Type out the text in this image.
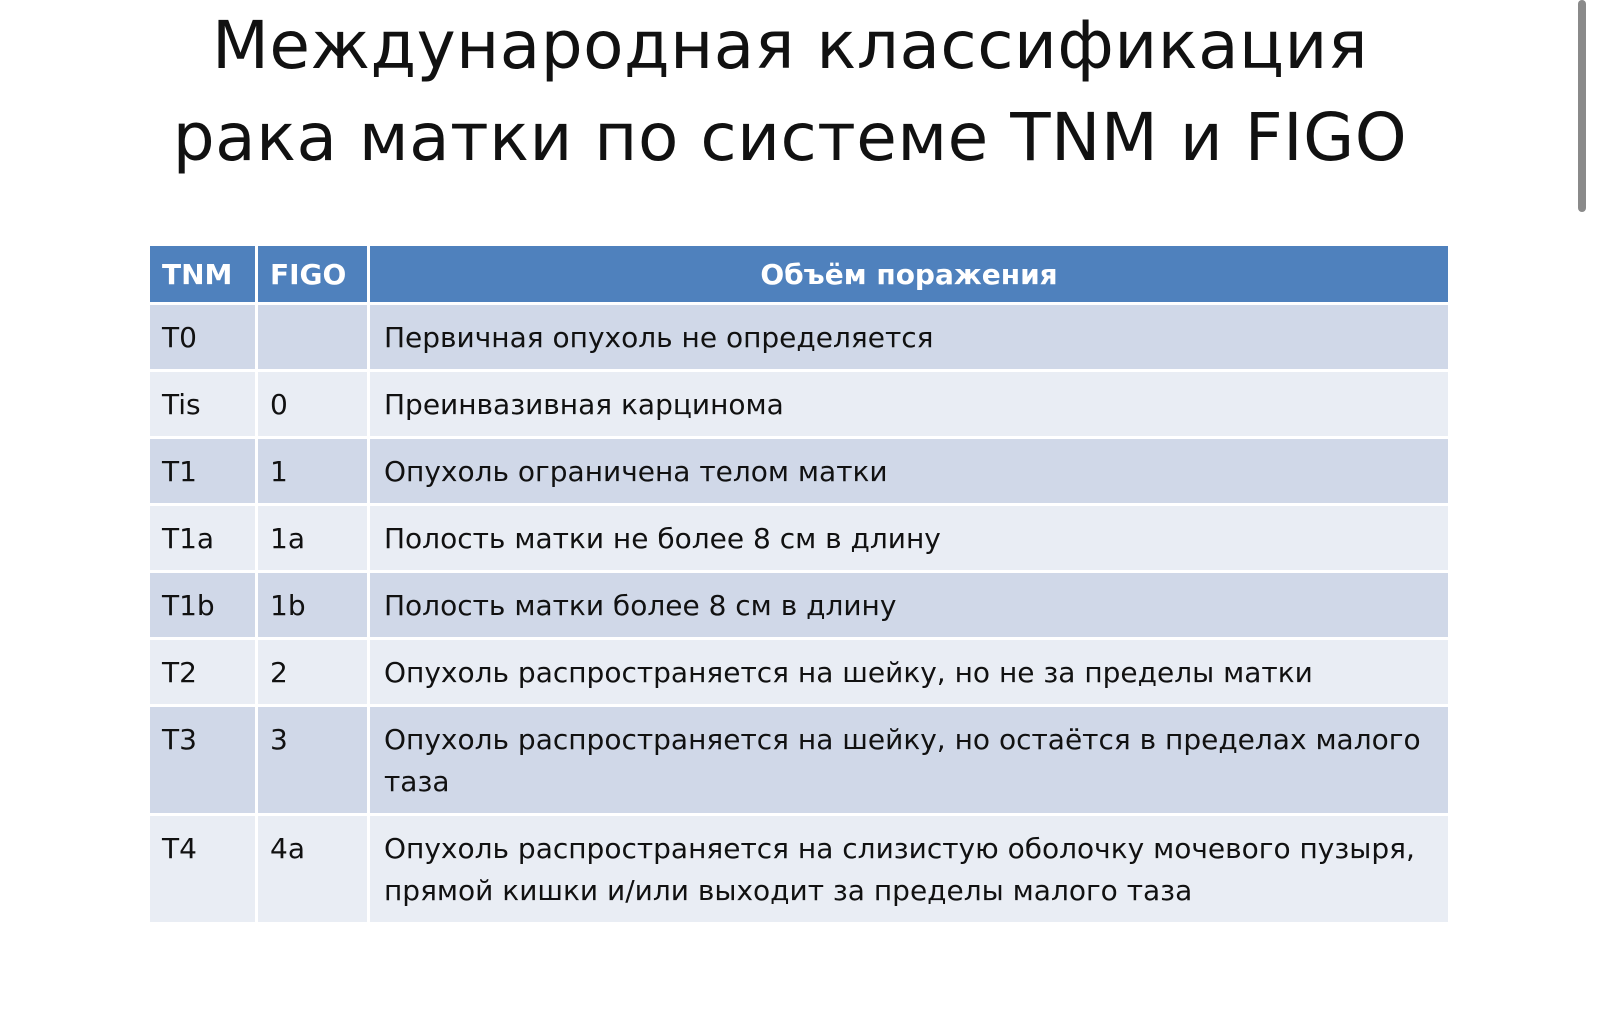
Международная классификация
рака матки по системе TNM и FIGO
TNM	FIGO	Объём поражения
T0		Первичная опухоль не определяется
Tis	0	Преинвазивная карцинома
T1	1	Опухоль ограничена телом матки
T1a	1a	Полость матки не более 8 см в длину
T1b	1b	Полость матки более 8 см в длину
T2	2	Опухоль распространяется на шейку, но не за пределы матки
T3	3	Опухоль распространяется на шейку, но остаётся в пределах малого таза
T4	4a	Опухоль распространяется на слизистую оболочку мочевого пузыря, прямой кишки и/или выходит за пределы малого таза
